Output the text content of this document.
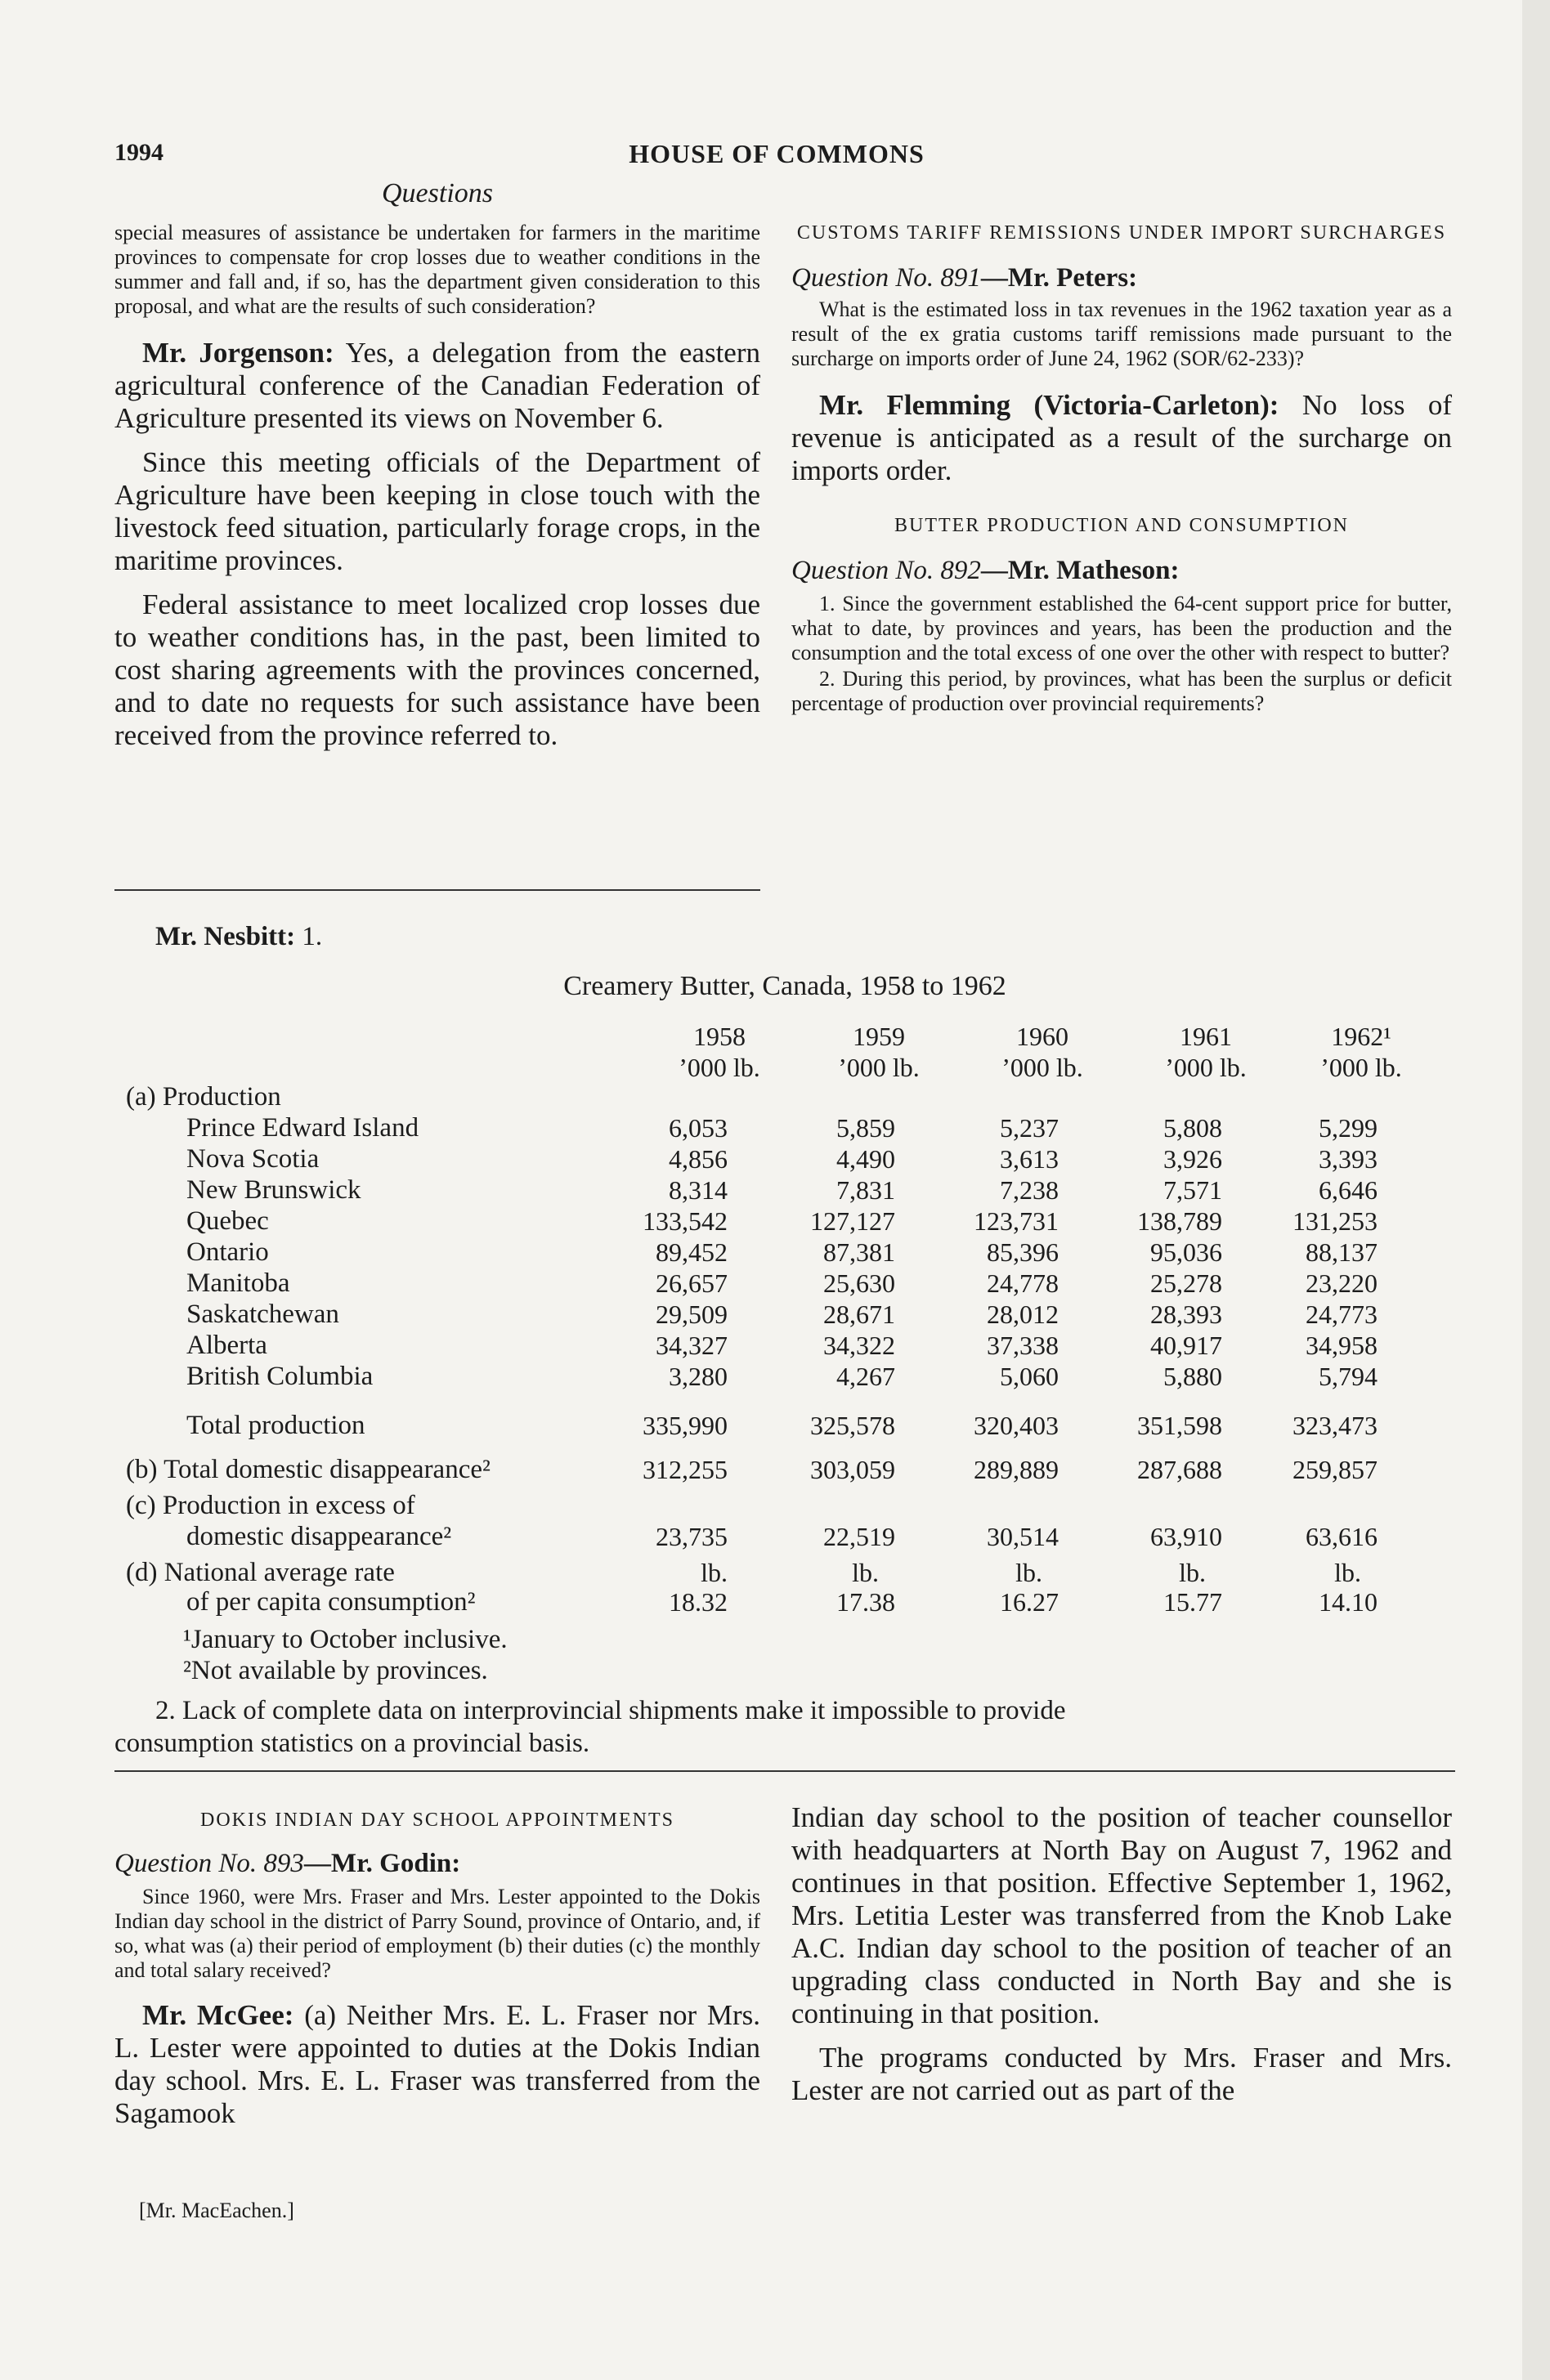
1994	HOUSE OF COMMONS
Questions

special measures of assistance be undertaken for farmers in the maritime provinces to compensate for crop losses due to weather conditions in the summer and fall and, if so, has the department given consideration to this proposal, and what are the results of such consideration?

Mr. Jorgenson: Yes, a delegation from the eastern agricultural conference of the Canadian Federation of Agriculture presented its views on November 6.

Since this meeting officials of the Department of Agriculture have been keeping in close touch with the livestock feed situation, particularly forage crops, in the maritime provinces.

Federal assistance to meet localized crop losses due to weather conditions has, in the past, been limited to cost sharing agreements with the provinces concerned, and to date no requests for such assistance have been received from the province referred to.

CUSTOMS TARIFF REMISSIONS UNDER IMPORT SURCHARGES
Question No. 891—Mr. Peters:

What is the estimated loss in tax revenues in the 1962 taxation year as a result of the ex gratia customs tariff remissions made pursuant to the surcharge on imports order of June 24, 1962 (SOR/62-233)?

Mr. Flemming (Victoria-Carleton): No loss of revenue is anticipated as a result of the surcharge on imports order.

BUTTER PRODUCTION AND CONSUMPTION
Question No. 892—Mr. Matheson:

1. Since the government established the 64-cent support price for butter, what to date, by provinces and years, has been the production and the consumption and the total excess of one over the other with respect to butter?

2. During this period, by provinces, what has been the surplus or deficit percentage of production over provincial requirements?

Mr. Nesbitt: 1.
Creamery Butter, Canada, 1958 to 1962
1958	1959	1960	1961	1962¹
’000 lb.	’000 lb.	’000 lb.	’000 lb.	’000 lb.
(a) Production
Prince Edward Island	6,053	5,859	5,237	5,808	5,299
Nova Scotia	4,856	4,490	3,613	3,926	3,393
New Brunswick	8,314	7,831	7,238	7,571	6,646
Quebec	133,542	127,127	123,731	138,789	131,253
Ontario	89,452	87,381	85,396	95,036	88,137
Manitoba	26,657	25,630	24,778	25,278	23,220
Saskatchewan	29,509	28,671	28,012	28,393	24,773
Alberta	34,327	34,322	37,338	40,917	34,958
British Columbia	3,280	4,267	5,060	5,880	5,794
Total production	335,990	325,578	320,403	351,598	323,473
(b) Total domestic disappearance²	312,255	303,059	289,889	287,688	259,857
(c) Production in excess of
domestic disappearance²	23,735	22,519	30,514	63,910	63,616
(d) National average rate	lb.	lb.	lb.	lb.	lb.
of per capita consumption²	18.32	17.38	16.27	15.77	14.10
¹January to October inclusive.
²Not available by provinces.
2. Lack of complete data on interprovincial shipments make it impossible to provide
consumption statistics on a provincial basis.
DOKIS INDIAN DAY SCHOOL APPOINTMENTS
Question No. 893—Mr. Godin:

Since 1960, were Mrs. Fraser and Mrs. Lester appointed to the Dokis Indian day school in the district of Parry Sound, province of Ontario, and, if so, what was (a) their period of employment (b) their duties (c) the monthly and total salary received?

Mr. McGee: (a) Neither Mrs. E. L. Fraser nor Mrs. L. Lester were appointed to duties at the Dokis Indian day school. Mrs. E. L. Fraser was transferred from the Sagamook

[Mr. MacEachen.]

Indian day school to the position of teacher counsellor with headquarters at North Bay on August 7, 1962 and continues in that position. Effective September 1, 1962, Mrs. Letitia Lester was transferred from the Knob Lake A.C. Indian day school to the position of teacher of an upgrading class conducted in North Bay and she is continuing in that position.

The programs conducted by Mrs. Fraser and Mrs. Lester are not carried out as part of the
